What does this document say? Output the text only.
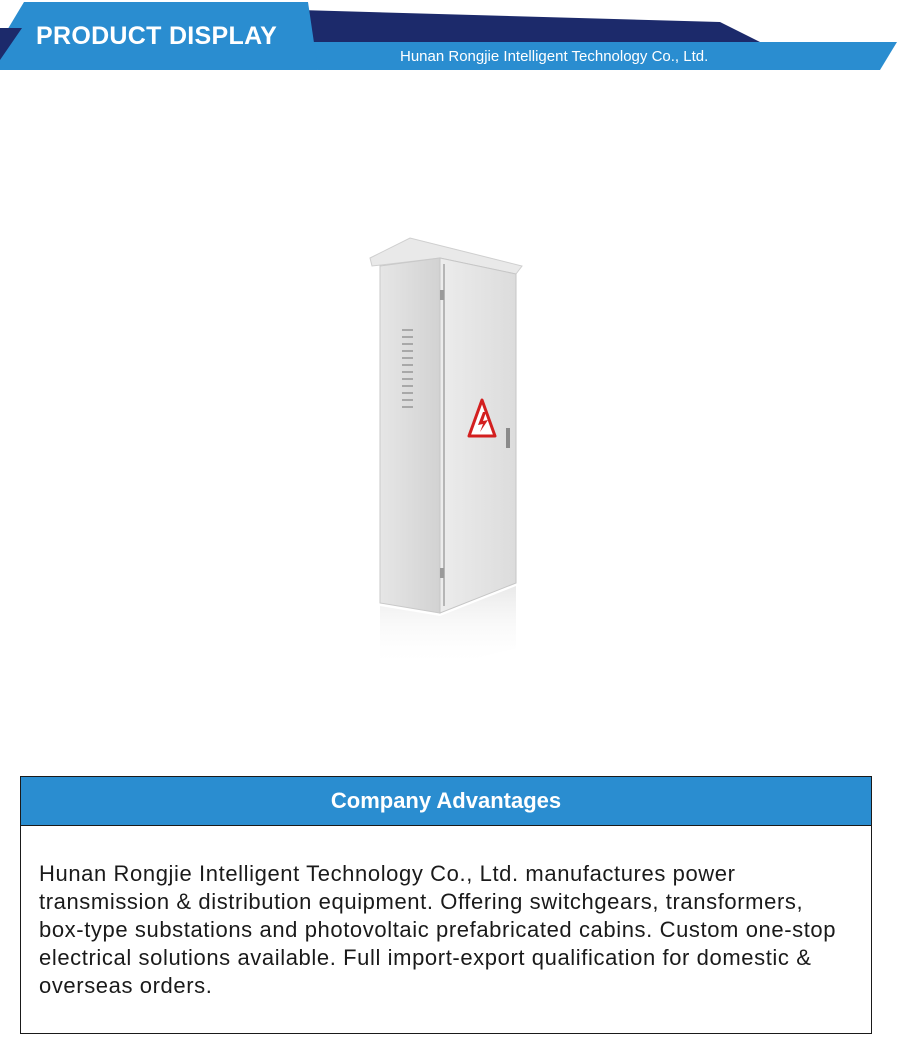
PRODUCT DISPLAY
Hunan Rongjie Intelligent Technology Co., Ltd.
Company Advantages
Hunan Rongjie Intelligent Technology Co., Ltd. manufactures power transmission & distribution equipment. Offering switchgears, transformers, box-type substations and photovoltaic prefabricated cabins. Custom one-stop electrical solutions available. Full import-export qualification for domestic & overseas orders.
